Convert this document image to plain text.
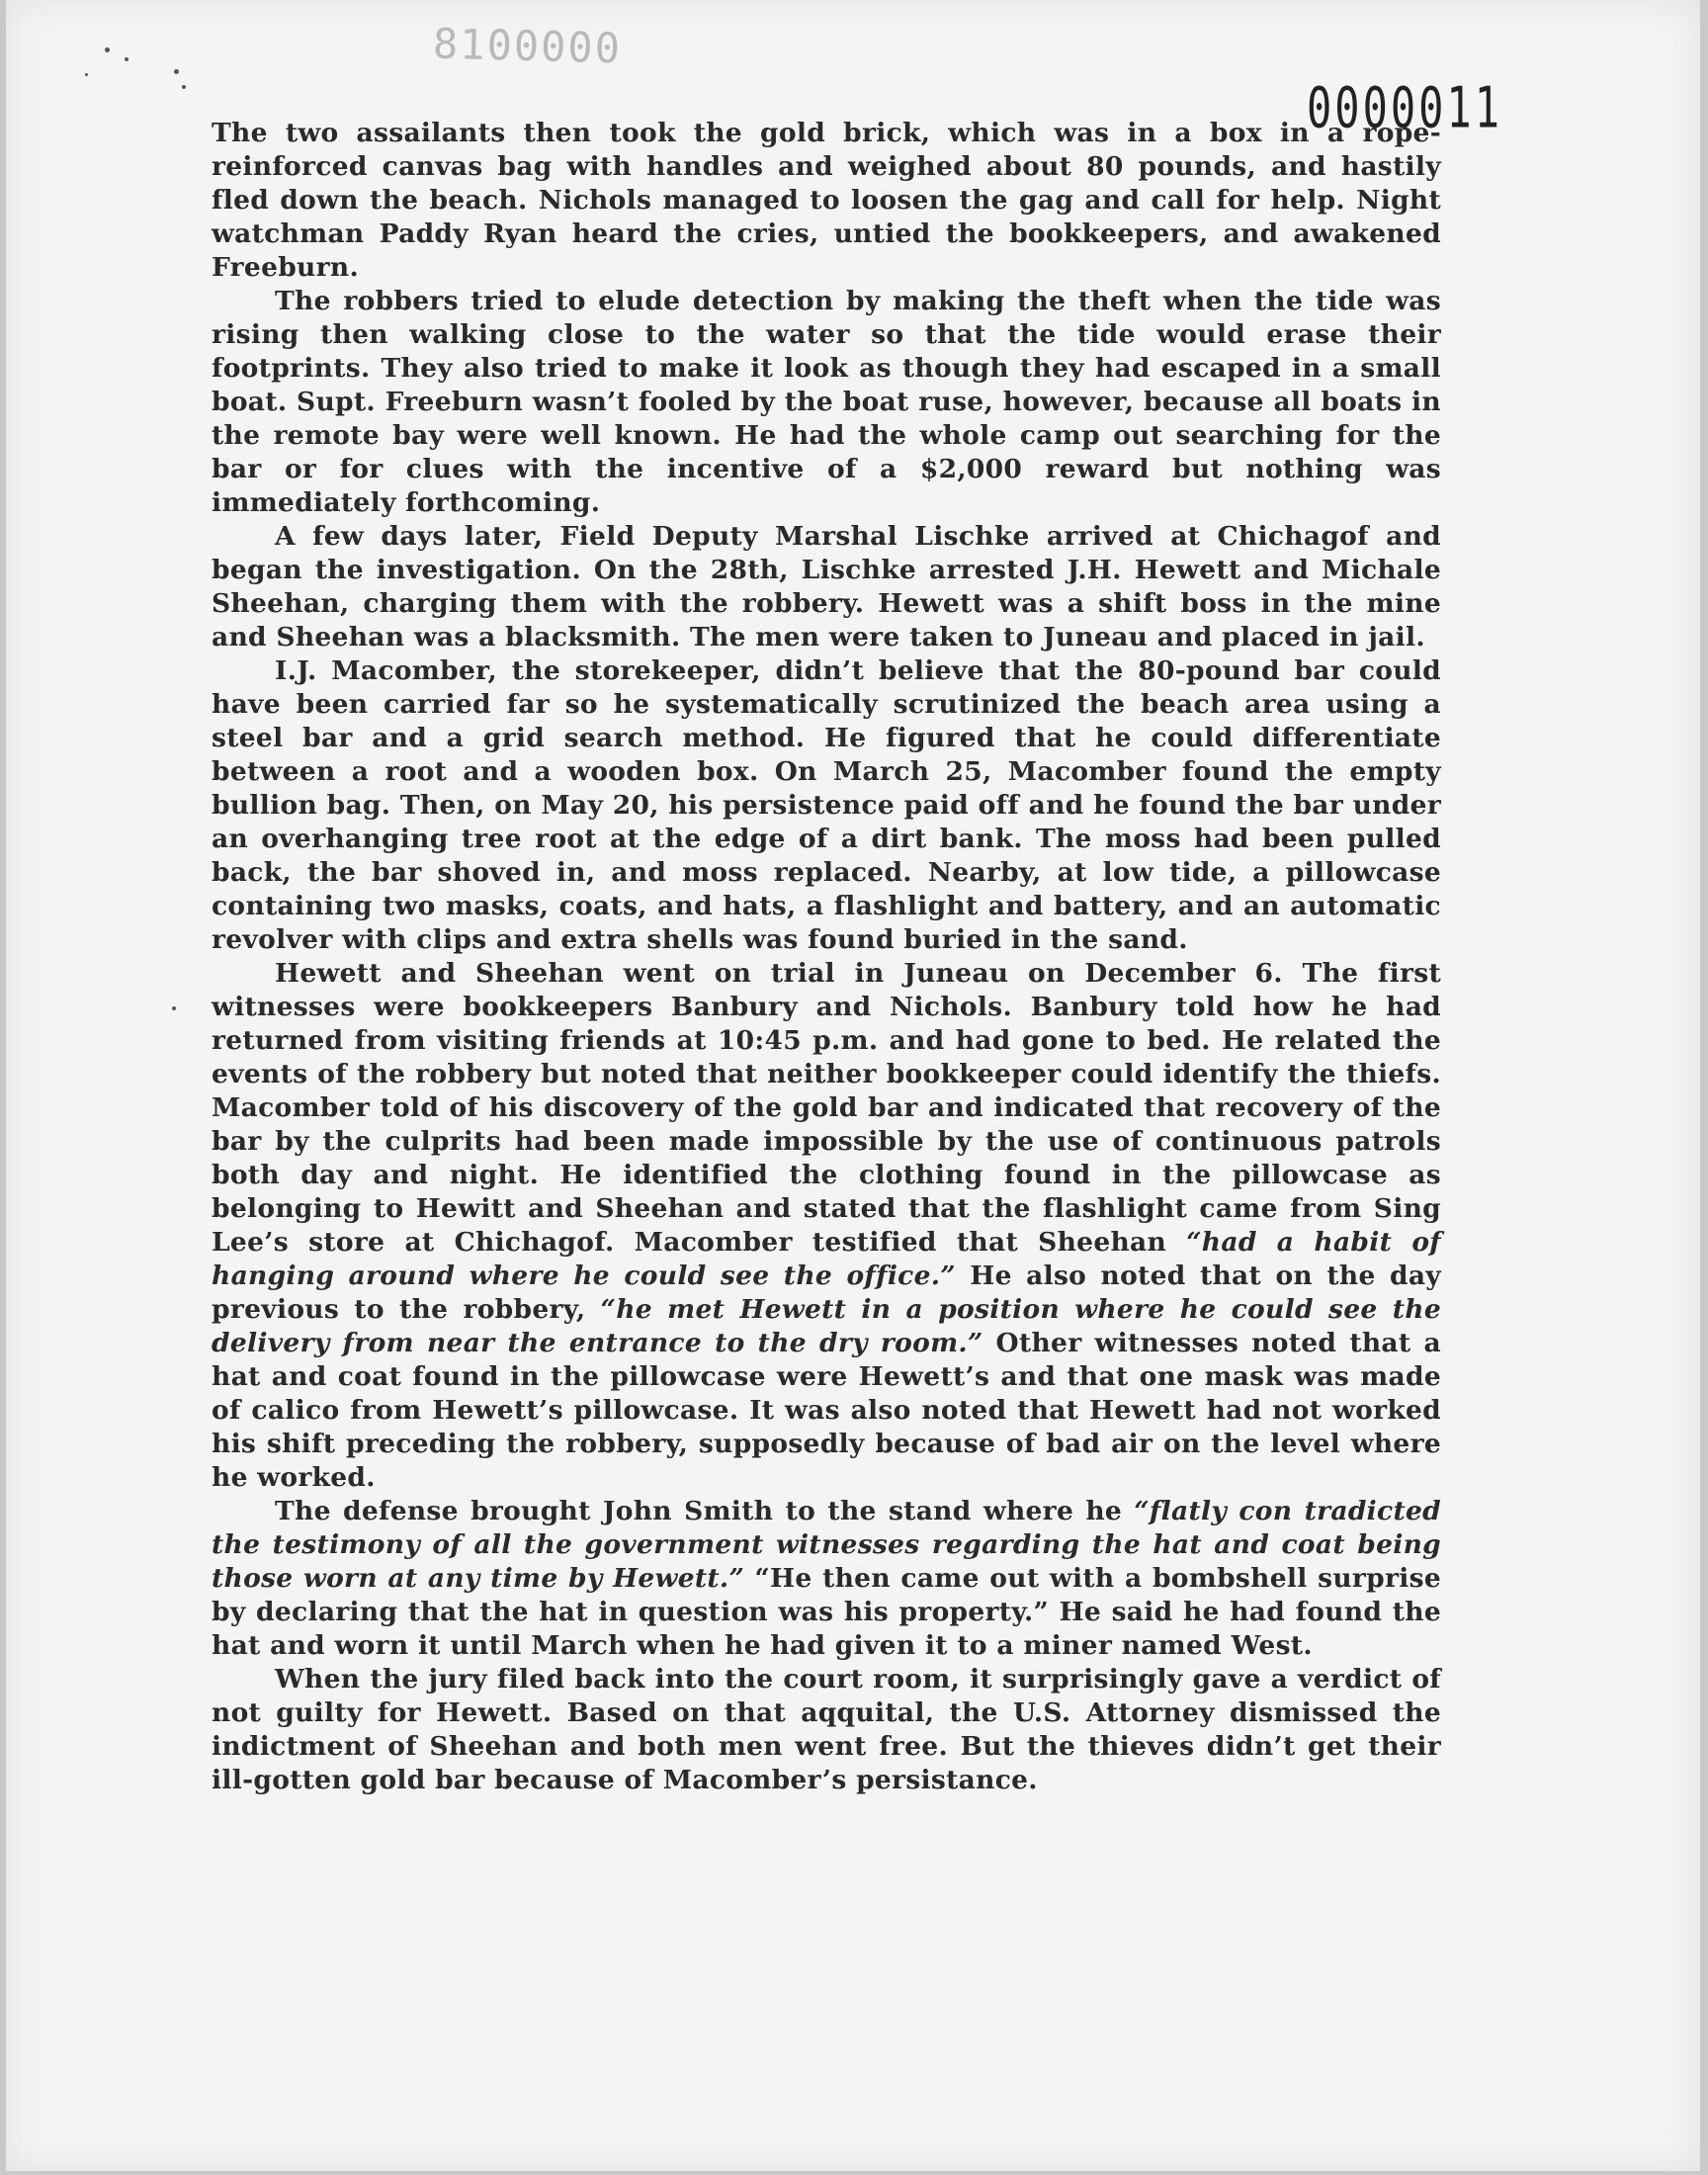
8100000
0000011

The two assailants then took the gold brick, which was in a box in a rope-reinforced canvas bag with handles and weighed about 80 pounds, and hastily fled down the beach. Nichols managed to loosen the gag and call for help. Night watchman Paddy Ryan heard the cries, untied the bookkeepers, and awakened Freeburn.

The robbers tried to elude detection by making the theft when the tide was rising then walking close to the water so that the tide would erase their footprints. They also tried to make it look as though they had escaped in a small boat. Supt. Freeburn wasn’t fooled by the boat ruse, however, because all boats in the remote bay were well known. He had the whole camp out searching for the bar or for clues with the incentive of a $2,000 reward but nothing was immediately forthcoming.

A few days later, Field Deputy Marshal Lischke arrived at Chichagof and began the investigation. On the 28th, Lischke arrested J.H. Hewett and Michale Sheehan, charging them with the robbery. Hewett was a shift boss in the mine and Sheehan was a blacksmith. The men were taken to Juneau and placed in jail.

I.J. Macomber, the storekeeper, didn’t believe that the 80-pound bar could have been carried far so he systematically scrutinized the beach area using a steel bar and a grid search method. He figured that he could differentiate between a root and a wooden box. On March 25, Macomber found the empty bullion bag. Then, on May 20, his persistence paid off and he found the bar under an overhanging tree root at the edge of a dirt bank. The moss had been pulled back, the bar shoved in, and moss replaced. Nearby, at low tide, a pillowcase containing two masks, coats, and hats, a flashlight and battery, and an automatic revolver with clips and extra shells was found buried in the sand.

Hewett and Sheehan went on trial in Juneau on December 6. The first witnesses were bookkeepers Banbury and Nichols. Banbury told how he had returned from visiting friends at 10:45 p.m. and had gone to bed. He related the events of the robbery but noted that neither bookkeeper could identify the thiefs. Macomber told of his discovery of the gold bar and indicated that recovery of the bar by the culprits had been made impossible by the use of continuous patrols both day and night. He identified the clothing found in the pillowcase as belonging to Hewitt and Sheehan and stated that the flashlight came from Sing Lee’s store at Chichagof. Macomber testified that Sheehan “had a habit of hanging around where he could see the office.” He also noted that on the day previous to the robbery, “he met Hewett in a position where he could see the delivery from near the entrance to the dry room.” Other witnesses noted that a hat and coat found in the pillowcase were Hewett’s and that one mask was made of calico from Hewett’s pillowcase. It was also noted that Hewett had not worked his shift preceding the robbery, supposedly because of bad air on the level where he worked.

The defense brought John Smith to the stand where he “flatly con tradicted the testimony of all the government witnesses regarding the hat and coat being those worn at any time by Hewett.” “He then came out with a bombshell surprise by declaring that the hat in question was his property.” He said he had found the hat and worn it until March when he had given it to a miner named West.

When the jury filed back into the court room, it surprisingly gave a verdict of not guilty for Hewett. Based on that aqquital, the U.S. Attorney dismissed the indictment of Sheehan and both men went free. But the thieves didn’t get their ill-gotten gold bar because of Macomber’s persistance.
